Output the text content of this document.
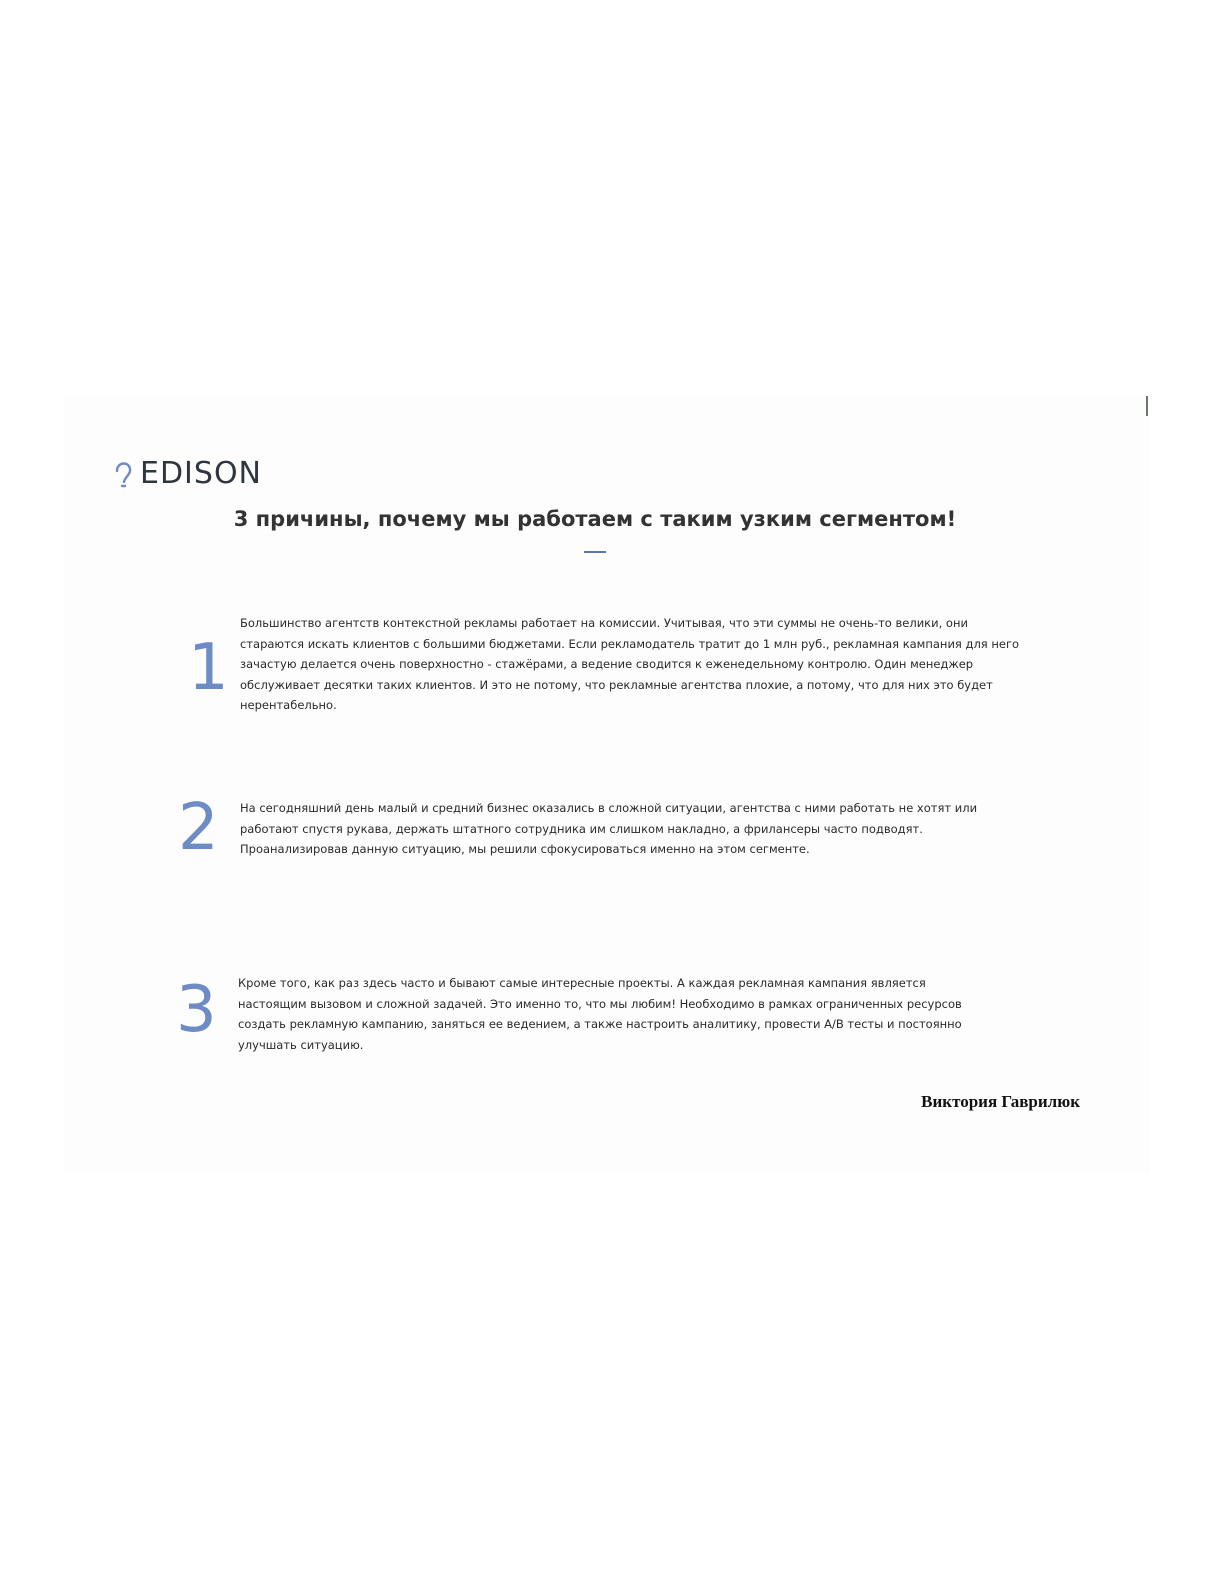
EDISON
3 причины, почему мы работаем с таким узким сегментом!
1
Большинство агентств контекстной рекламы работает на комиссии. Учитывая, что эти суммы не очень-то велики, они стараются искать клиентов с большими бюджетами. Если рекламодатель тратит до 1 млн руб., рекламная кампания для него зачастую делается очень поверхностно - стажёрами, а ведение сводится к еженедельному контролю. Один менеджер обслуживает десятки таких клиентов. И это не потому, что рекламные агентства плохие, а потому, что для них это будет нерентабельно.
2 На сегодняшний день малый и средний бизнес оказались в сложной ситуации, агентства с ними работать не хотят или работают спустя рукава, держать штатного сотрудника им слишком накладно, а фрилансеры часто подводят. Проанализировав данную ситуацию, мы решили сфокусироваться именно на этом сегменте.
3 Кроме того, как раз здесь часто и бывают самые интересные проекты. А каждая рекламная кампания является настоящим вызовом и сложной задачей. Это именно то, что мы любим! Необходимо в рамках ограниченных ресурсов создать рекламную кампанию, заняться ее ведением, а также настроить аналитику, провести А/В тесты и постоянно улучшать ситуацию.
Виктория Гаврилюк
